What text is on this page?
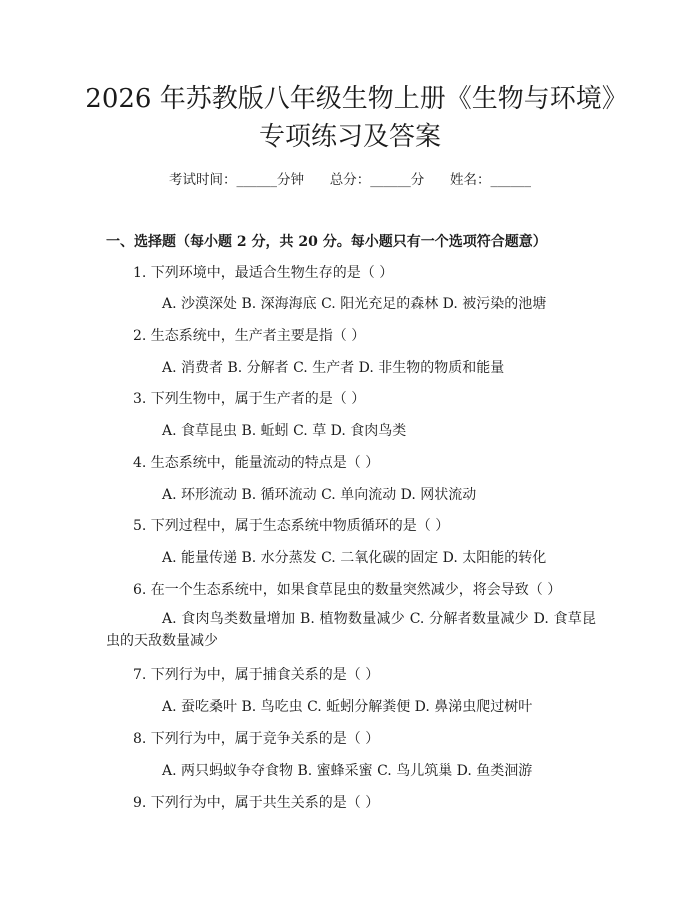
2026 年苏教版八年级生物上册《生物与环境》专项练习及答案
考试时间：______分钟      总分：______分      姓名：______
一、选择题（每小题 2 分，共 20 分。每小题只有一个选项符合题意）
1. 下列环境中，最适合生物生存的是（ ）
A. 沙漠深处 B. 深海海底 C. 阳光充足的森林 D. 被污染的池塘
2. 生态系统中，生产者主要是指（ ）
A. 消费者 B. 分解者 C. 生产者 D. 非生物的物质和能量
3. 下列生物中，属于生产者的是（ ）
A. 食草昆虫 B. 蚯蚓 C. 草 D. 食肉鸟类
4. 生态系统中，能量流动的特点是（ ）
A. 环形流动 B. 循环流动 C. 单向流动 D. 网状流动
5. 下列过程中，属于生态系统中物质循环的是（ ）
A. 能量传递 B. 水分蒸发 C. 二氧化碳的固定 D. 太阳能的转化
6. 在一个生态系统中，如果食草昆虫的数量突然减少，将会导致（ ）
A. 食肉鸟类数量增加 B. 植物数量减少 C. 分解者数量减少 D. 食草昆虫的天敌数量减少
7. 下列行为中，属于捕食关系的是（ ）
A. 蚕吃桑叶 B. 鸟吃虫 C. 蚯蚓分解粪便 D. 鼻涕虫爬过树叶
8. 下列行为中，属于竞争关系的是（ ）
A. 两只蚂蚁争夺食物 B. 蜜蜂采蜜 C. 鸟儿筑巢 D. 鱼类洄游
9. 下列行为中，属于共生关系的是（ ）
